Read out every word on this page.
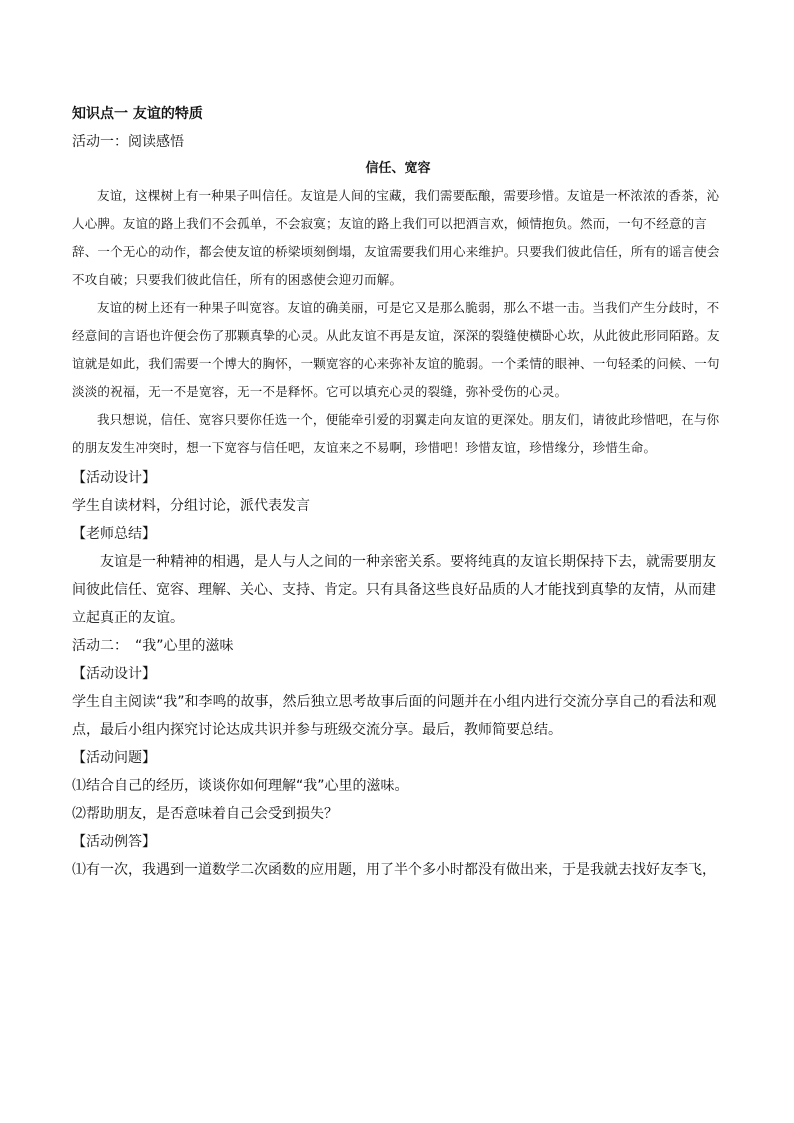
知识点一 友谊的特质

活动一：阅读感悟

信任、宽容

友谊，这棵树上有一种果子叫信任。友谊是人间的宝藏，我们需要酝酿，需要珍惜。友谊是一杯浓浓的香茶，沁人心脾。友谊的路上我们不会孤单，不会寂寞；友谊的路上我们可以把酒言欢，倾情抱负。然而，一句不经意的言辞、一个无心的动作，都会使友谊的桥梁顷刻倒塌，友谊需要我们用心来维护。只要我们彼此信任，所有的谣言使会不攻自破；只要我们彼此信任，所有的困惑使会迎刃而解。

友谊的树上还有一种果子叫宽容。友谊的确美丽，可是它又是那么脆弱，那么不堪一击。当我们产生分歧时，不经意间的言语也许便会伤了那颗真挚的心灵。从此友谊不再是友谊，深深的裂缝使横卧心坎，从此彼此形同陌路。友谊就是如此，我们需要一个博大的胸怀，一颗宽容的心来弥补友谊的脆弱。一个柔情的眼神、一句轻柔的问候、一句淡淡的祝福，无一不是宽容，无一不是释怀。它可以填充心灵的裂缝，弥补受伤的心灵。

我只想说，信任、宽容只要你任选一个，便能牵引爱的羽翼走向友谊的更深处。朋友们，请彼此珍惜吧，在与你的朋友发生冲突时，想一下宽容与信任吧，友谊来之不易啊，珍惜吧！珍惜友谊，珍惜缘分，珍惜生命。

【活动设计】

学生自读材料，分组讨论，派代表发言

【老师总结】

友谊是一种精神的相遇，是人与人之间的一种亲密关系。要将纯真的友谊长期保持下去，就需要朋友间彼此信任、宽容、理解、关心、支持、肯定。只有具备这些良好品质的人才能找到真挚的友情，从而建立起真正的友谊。

活动二：　“我”心里的滋味

【活动设计】

学生自主阅读“我”和李鸣的故事，然后独立思考故事后面的问题并在小组内进行交流分享自己的看法和观点，最后小组内探究讨论达成共识并参与班级交流分享。最后，教师简要总结。

【活动问题】

⑴结合自己的经历，谈谈你如何理解“我”心里的滋味。

⑵帮助朋友，是否意味着自己会受到损失？

【活动例答】

⑴有一次，我遇到一道数学二次函数的应用题，用了半个多小时都没有做出来，于是我就去找好友李飞，
